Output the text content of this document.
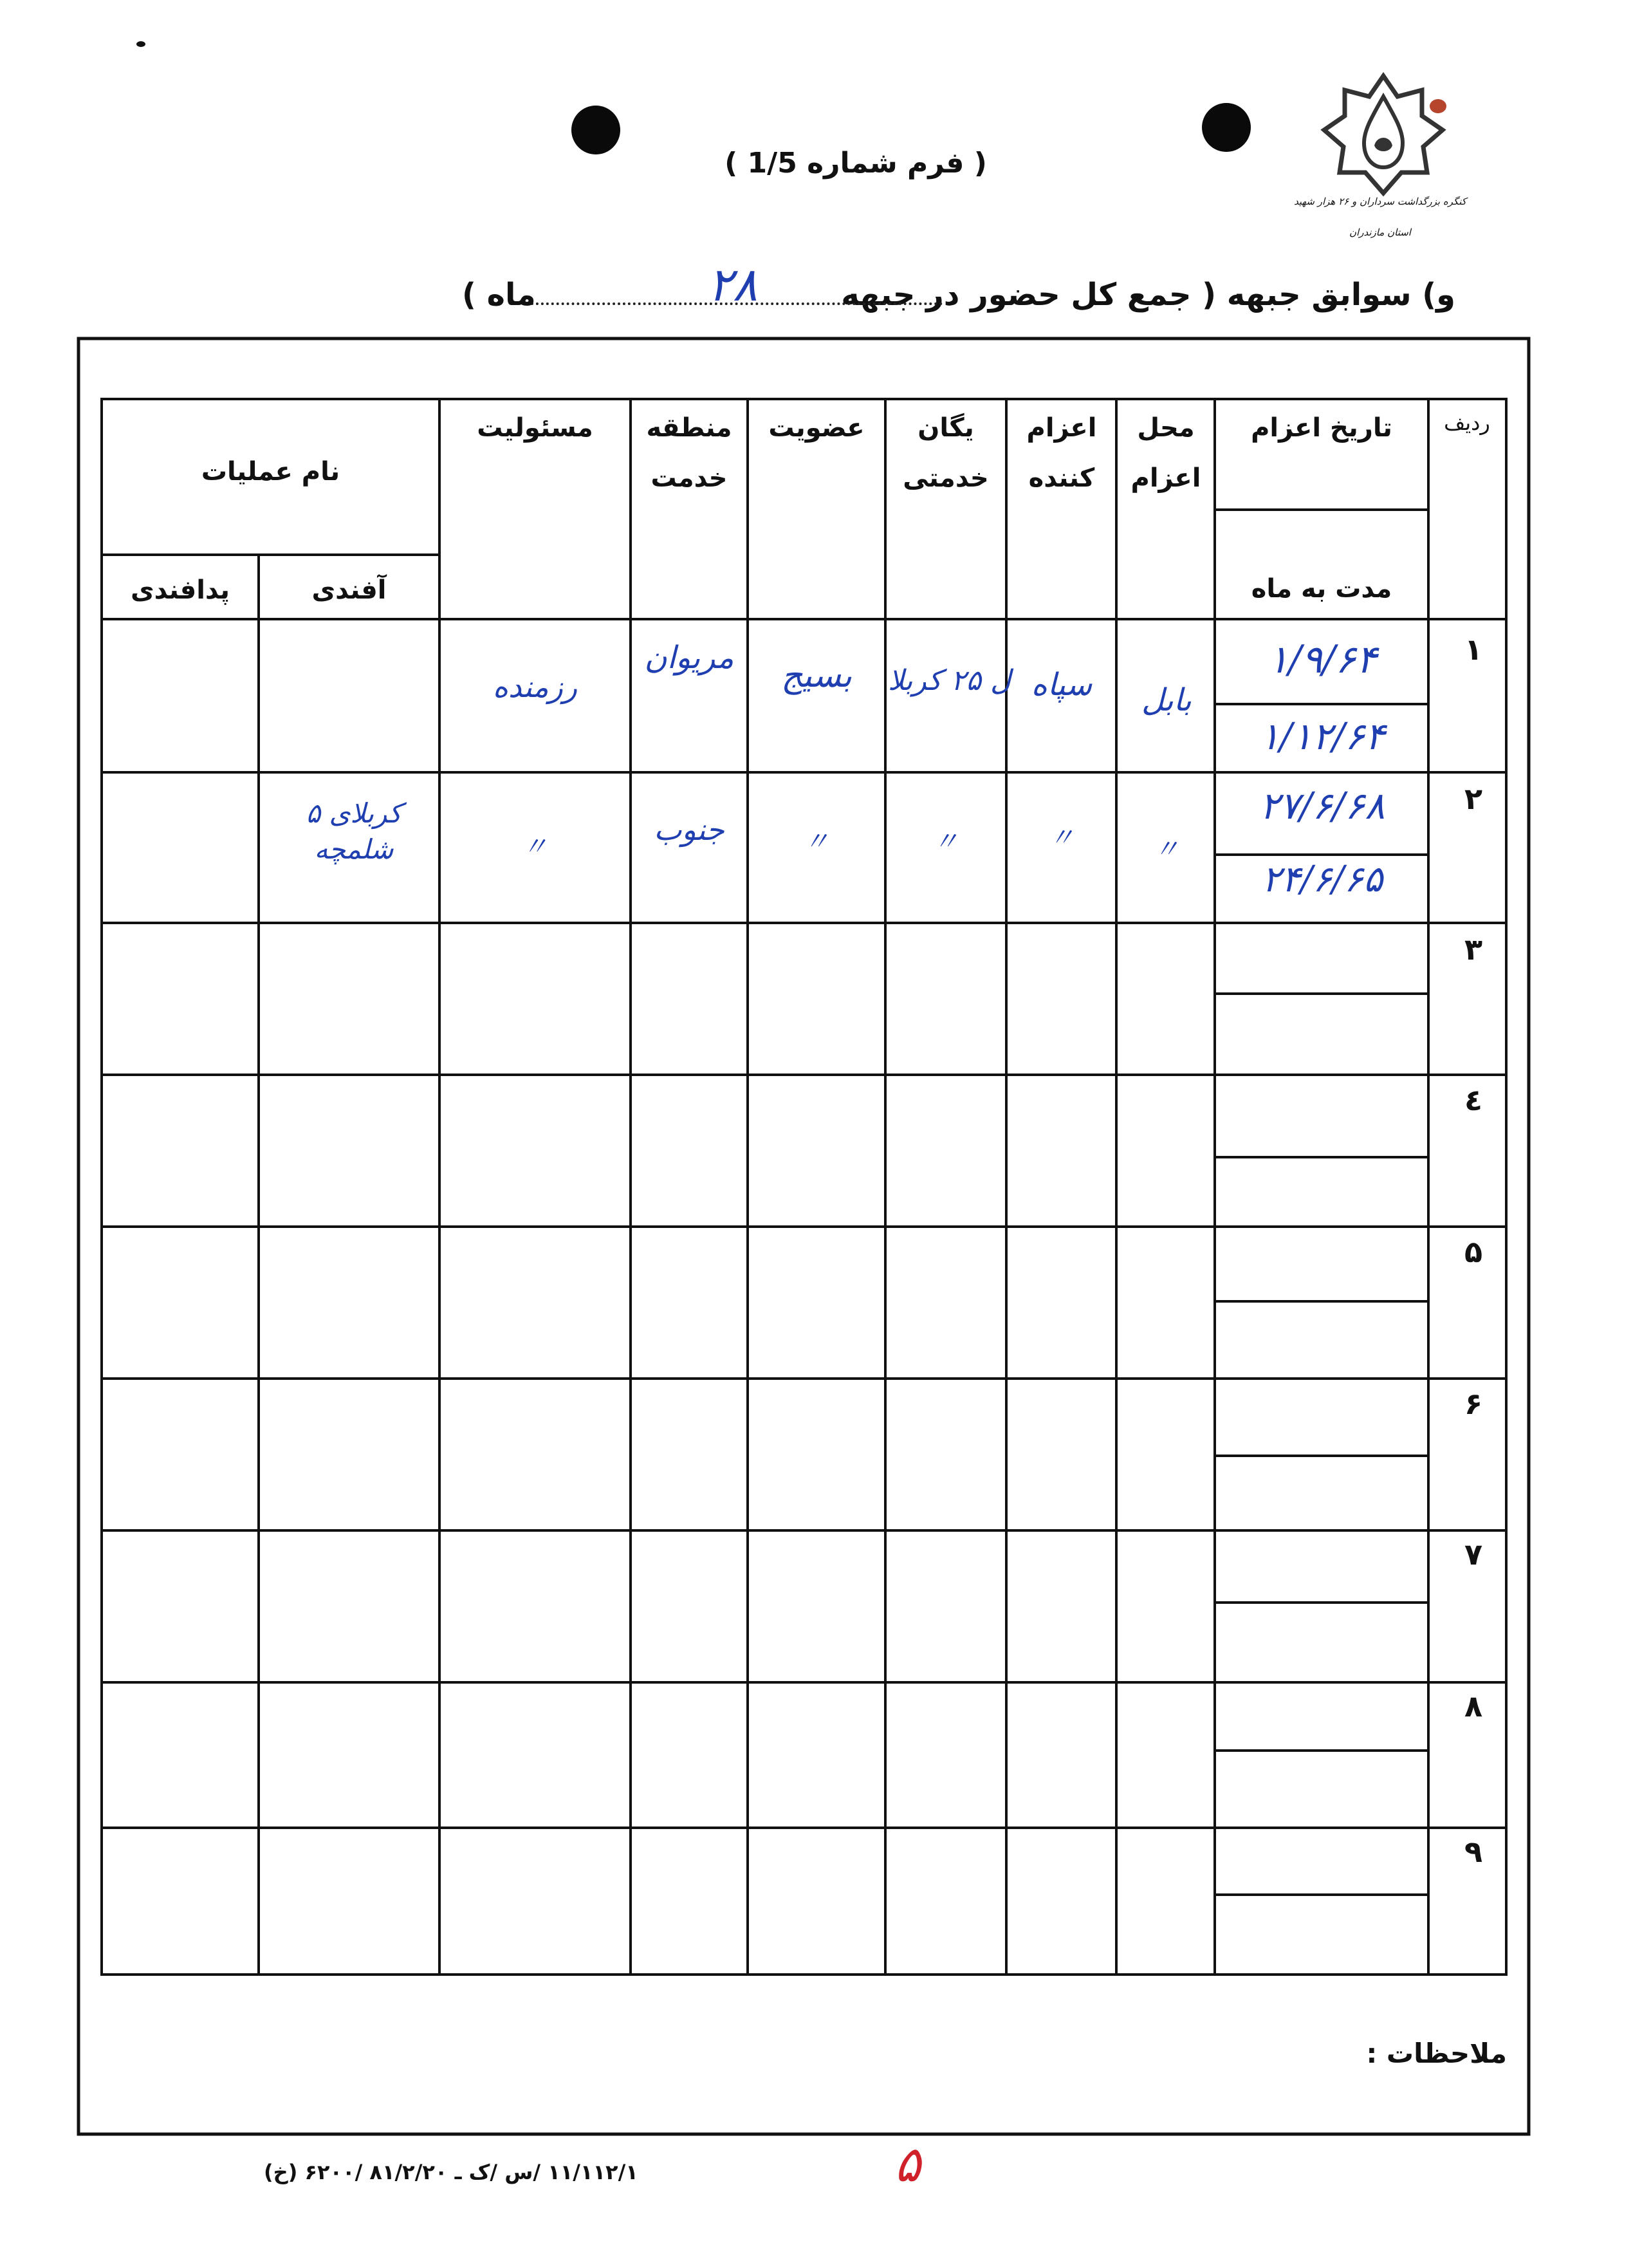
کنگره بزرگداشت سرداران و ۲۶ هزار شهید
استان مازندران
( فرم شماره 1/5 )
و) سوابق جبهه ( جمع کل حضور در جبهه
۲۸
ماه )
ردیف
تاریخ اعزام
مدت به ماه
محل
اعزام
اعزام
کننده
یگان
خدمتی
عضویت
منطقه
خدمت
مسئولیت
نام عملیات
آفندی
پدافندی
۱
۲
۳
٤
۵
۶
۷
۸
۹
۱/۹/۶۴
۱/۱۲/۶۴
بابل
سپاه
ل ۲۵ کربلا
بسیج
مریوان
رزمنده
۲۷/۶/۶۸
۲۴/۶/۶۵
〃
〃
〃
〃
جنوب
〃
کربلای ۵ شلمچه
ملاحظات :
۱۱/۱۱۲/۱ /س /ک ـ ۸۱/۲/۲۰ /۶۲۰۰ (خ)	۵
